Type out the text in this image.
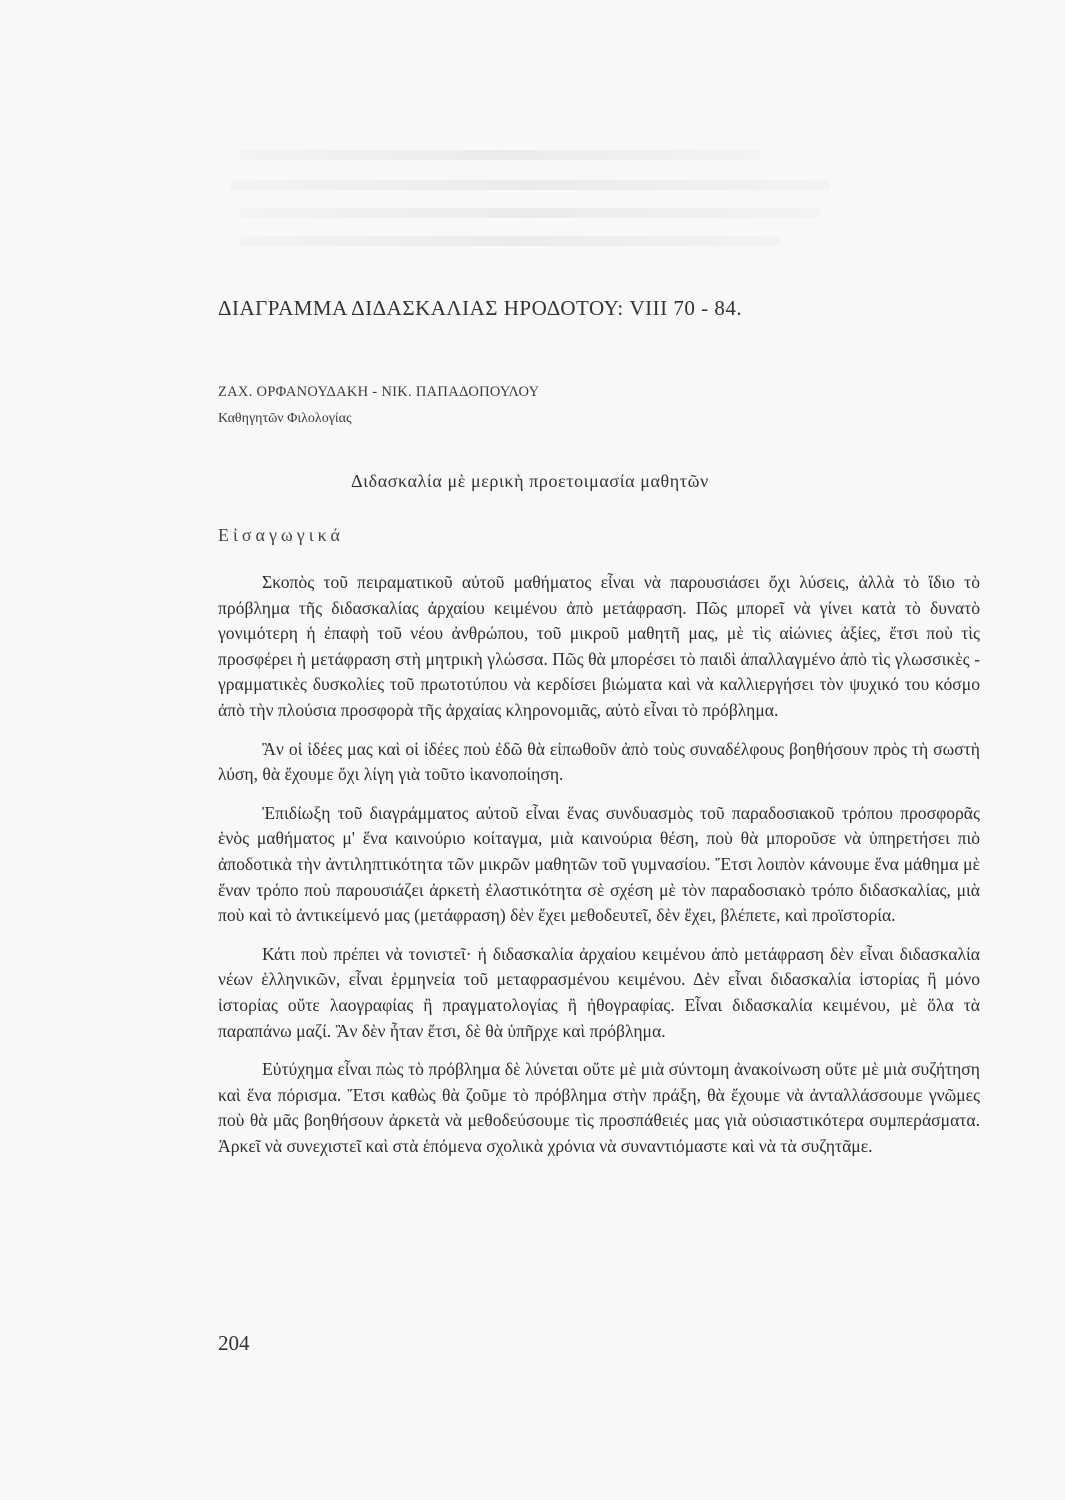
ΔΙΑΓΡΑΜΜΑ ΔΙΔΑΣΚΑΛΙΑΣ ΗΡΟΔΟΤΟΥ: VIII 70 - 84.
ΖΑΧ. ΟΡΦΑΝΟΥΔΑΚΗ - ΝΙΚ. ΠΑΠΑΔΟΠΟΥΛΟΥ
Καθηγητῶν Φιλολογίας
Διδασκαλία μὲ μερικὴ προετοιμασία μαθητῶν
Εἰσαγωγικά

Σκοπὸς τοῦ πειραματικοῦ αὐτοῦ μαθήματος εἶναι νὰ παρουσιάσει ὄχι λύσεις, ἀλλὰ τὸ ἴδιο τὸ πρόβλημα τῆς διδασκαλίας ἀρχαίου κειμένου ἀπὸ μετάφραση. Πῶς μπορεῖ νὰ γίνει κατὰ τὸ δυνατὸ γονιμότερη ἡ ἐπαφὴ τοῦ νέου ἀνθρώπου, τοῦ μικροῦ μαθητῆ μας, μὲ τὶς αἰώνιες ἀξίες, ἔτσι ποὺ τὶς προσφέρει ἡ μετάφραση στὴ μητρικὴ γλώσσα. Πῶς θὰ μπορέσει τὸ παιδὶ ἀπαλλαγμένο ἀπὸ τὶς γλωσσικὲς - γραμματικὲς δυσκολίες τοῦ πρωτοτύπου νὰ κερδίσει βιώματα καὶ νὰ καλλιεργήσει τὸν ψυχικό του κόσμο ἀπὸ τὴν πλούσια προσφορὰ τῆς ἀρχαίας κληρονομιᾶς, αὐτὸ εἶναι τὸ πρόβλημα.

Ἂν οἱ ἰδέες μας καὶ οἱ ἰδέες ποὺ ἐδῶ θὰ εἰπωθοῦν ἀπὸ τοὺς συναδέλφους βοηθήσουν πρὸς τὴ σωστὴ λύση, θὰ ἔχουμε ὄχι λίγη γιὰ τοῦτο ἱκανοποίηση.

Ἐπιδίωξη τοῦ διαγράμματος αὐτοῦ εἶναι ἕνας συνδυασμὸς τοῦ παραδοσιακοῦ τρόπου προσφορᾶς ἑνὸς μαθήματος μ' ἕνα καινούριο κοίταγμα, μιὰ καινούρια θέση, ποὺ θὰ μποροῦσε νὰ ὑπηρετήσει πιὸ ἀποδοτικὰ τὴν ἀντιληπτικότητα τῶν μικρῶν μαθητῶν τοῦ γυμνασίου. Ἔτσι λοιπὸν κάνουμε ἕνα μάθημα μὲ ἕναν τρόπο ποὺ παρουσιάζει ἀρκετὴ ἐλαστικότητα σὲ σχέση μὲ τὸν παραδοσιακὸ τρόπο διδασκαλίας, μιὰ ποὺ καὶ τὸ ἀντικείμενό μας (μετάφραση) δὲν ἔχει μεθοδευτεῖ, δὲν ἔχει, βλέπετε, καὶ προϊστορία.

Κάτι ποὺ πρέπει νὰ τονιστεῖ· ἡ διδασκαλία ἀρχαίου κειμένου ἀπὸ μετάφραση δὲν εἶναι διδασκαλία νέων ἑλληνικῶν, εἶναι ἑρμηνεία τοῦ μεταφρασμένου κειμένου. Δὲν εἶναι διδασκαλία ἱστορίας ἢ μόνο ἱστορίας οὔτε λαογραφίας ἢ πραγματολογίας ἢ ἠθογραφίας. Εἶναι διδασκαλία κειμένου, μὲ ὅλα τὰ παραπάνω μαζί. Ἂν δὲν ἦταν ἔτσι, δὲ θὰ ὑπῆρχε καὶ πρόβλημα.

Εὐτύχημα εἶναι πὼς τὸ πρόβλημα δὲ λύνεται οὔτε μὲ μιὰ σύντομη ἀνακοίνωση οὔτε μὲ μιὰ συζήτηση καὶ ἕνα πόρισμα. Ἔτσι καθὼς θὰ ζοῦμε τὸ πρόβλημα στὴν πράξη, θὰ ἔχουμε νὰ ἀνταλλάσσουμε γνῶμες ποὺ θὰ μᾶς βοηθήσουν ἀρκετὰ νὰ μεθοδεύσουμε τὶς προσπάθειές μας γιὰ οὐσιαστικότερα συμπεράσματα. Ἀρκεῖ νὰ συνεχιστεῖ καὶ στὰ ἑπόμενα σχολικὰ χρόνια νὰ συναντιόμαστε καὶ νὰ τὰ συζητᾶμε.

204
